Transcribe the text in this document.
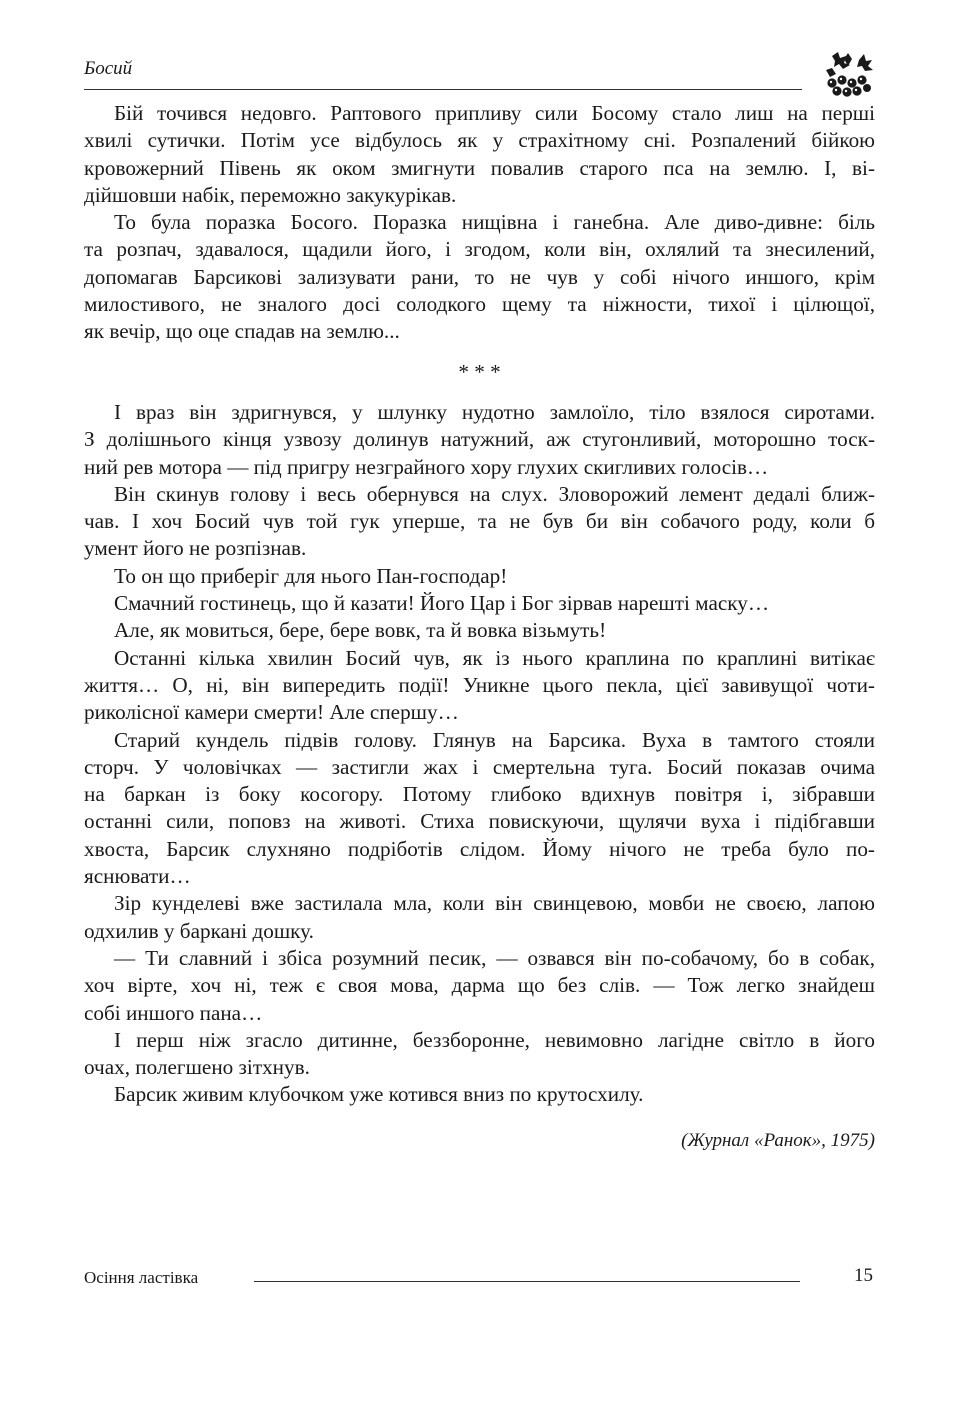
Босий
Бій точився недовго. Раптового припливу сили Босому стало лиш на перші
хвилі сутички. Потім усе відбулось як у страхітному сні. Розпалений бійкою
кровожерний Півень як оком змигнути повалив старого пса на землю. І, ві-
дійшовши набік, переможно закукурікав.
То була поразка Босого. Поразка нищівна і ганебна. Але диво-дивне: біль
та розпач, здавалося, щадили його, і згодом, коли він, охлялий та знесилений,
допомагав Барсикові зализувати рани, то не чув у собі нічого иншого, крім
милостивого, не зналого досі солодкого щему та ніжности, тихої і цілющої,
як вечір, що оце спадав на землю...
* * *
І враз він здригнувся, у шлунку нудотно замлоїло, тіло взялося сиротами.
З долішнього кінця узвозу долинув натужний, аж стугонливий, моторошно тоск-
ний рев мотора — під пригру незграйного хору глухих скигливих голосів…
Він скинув голову і весь обернувся на слух. Зловорожий лемент дедалі ближ-
чав. І хоч Босий чув той гук уперше, та не був би він собачого роду, коли б
умент його не розпізнав.
То он що приберіг для нього Пан-господар!
Смачний гостинець, що й казати! Його Цар і Бог зірвав нарешті маску…
Але, як мовиться, бере, бере вовк, та й вовка візьмуть!
Останні кілька хвилин Босий чув, як із нього краплина по краплині витікає
життя… О, ні, він випередить події! Уникне цього пекла, цієї завивущої чоти-
риколісної камери смерти! Але спершу…
Старий кундель підвів голову. Глянув на Барсика. Вуха в тамтого стояли
сторч. У чоловічках — застигли жах і смертельна туга. Босий показав очима
на баркан із боку косогору. Потому глибоко вдихнув повітря і, зібравши
останні сили, поповз на животі. Стиха повискуючи, щулячи вуха і підібгавши
хвоста, Барсик слухняно подріботів слідом. Йому нічого не треба було по-
яснювати…
Зір кунделеві вже застилала мла, коли він свинцевою, мовби не своєю, лапою
одхилив у баркані дошку.
— Ти славний і збіса розумний песик, — озвався він по-собачому, бо в собак,
хоч вірте, хоч ні, теж є своя мова, дарма що без слів. — Тож легко знайдеш
собі иншого пана…
І перш ніж згасло дитинне, беззборонне, невимовно лагідне світло в його
очах, полегшено зітхнув.
Барсик живим клубочком уже котився вниз по крутосхилу.
(Журнал «Ранок», 1975)
Осіння ластівка	15
